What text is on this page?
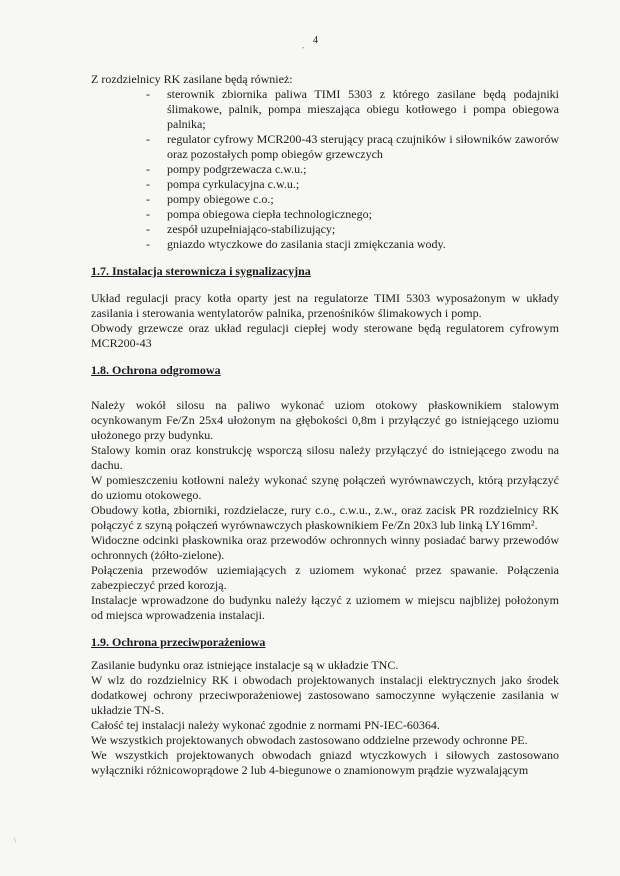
4
•
\

Z rozdzielnicy RK zasilane będą również:

-	sterownik zbiornika paliwa TIMI 5303 z którego zasilane będą podajniki ślimakowe, palnik, pompa mieszająca obiegu kotłowego i pompa obiegowa palnika;
-	regulator cyfrowy MCR200-43 sterujący pracą czujników i siłowników zaworów oraz pozostałych pomp obiegów grzewczych
-	pompy podgrzewacza c.w.u.;
-	pompa cyrkulacyjna c.w.u.;
-	pompy obiegowe c.o.;
-	pompa obiegowa ciepła technologicznego;
-	zespół uzupełniająco-stabilizujący;
-	gniazdo wtyczkowe do zasilania stacji zmiękczania wody.
1.7. Instalacja sterownicza i sygnalizacyjna

Układ regulacji pracy kotła oparty jest na regulatorze TIMI 5303 wyposażonym w układy zasilania i sterowania wentylatorów palnika, przenośników ślimakowych i pomp.

Obwody grzewcze oraz układ regulacji ciepłej wody sterowane będą regulatorem cyfrowym MCR200-43

1.8. Ochrona odgromowa

Należy wokół silosu na paliwo wykonać uziom otokowy płaskownikiem stalowym ocynkowanym Fe/Zn 25x4 ułożonym na głębokości 0,8m i przyłączyć go istniejącego uziomu ułożonego przy budynku.

Stalowy komin oraz konstrukcję wsporczą silosu należy przyłączyć do istniejącego zwodu na dachu.

W pomieszczeniu kotłowni należy wykonać szynę połączeń wyrównawczych, którą przyłączyć do uziomu otokowego.

Obudowy kotła, zbiorniki, rozdzielacze, rury c.o., c.w.u., z.w., oraz zacisk PR rozdzielnicy RK połączyć z szyną połączeń wyrównawczych płaskownikiem Fe/Zn 20x3 lub linką LY16mm².

Widoczne odcinki płaskownika oraz przewodów ochronnych winny posiadać barwy przewodów ochronnych (żółto-zielone).

Połączenia przewodów uziemiających z uziomem wykonać przez spawanie. Połączenia zabezpieczyć przed korozją.

Instalacje wprowadzone do budynku należy łączyć z uziomem w miejscu najbliżej położonym od miejsca wprowadzenia instalacji.

1.9. Ochrona przeciwporażeniowa

Zasilanie budynku oraz istniejące instalacje są w układzie TNC.

W wlz do rozdzielnicy RK i obwodach projektowanych instalacji elektrycznych jako środek dodatkowej ochrony przeciwporażeniowej zastosowano samoczynne wyłączenie zasilania w układzie TN-S.

Całość tej instalacji należy wykonać zgodnie z normami PN-IEC-60364.

We wszystkich projektowanych obwodach zastosowano oddzielne przewody ochronne PE.

We wszystkich projektowanych obwodach gniazd wtyczkowych i siłowych zastosowano wyłączniki różnicowoprądowe 2 lub 4-biegunowe o znamionowym prądzie wyzwalającym
